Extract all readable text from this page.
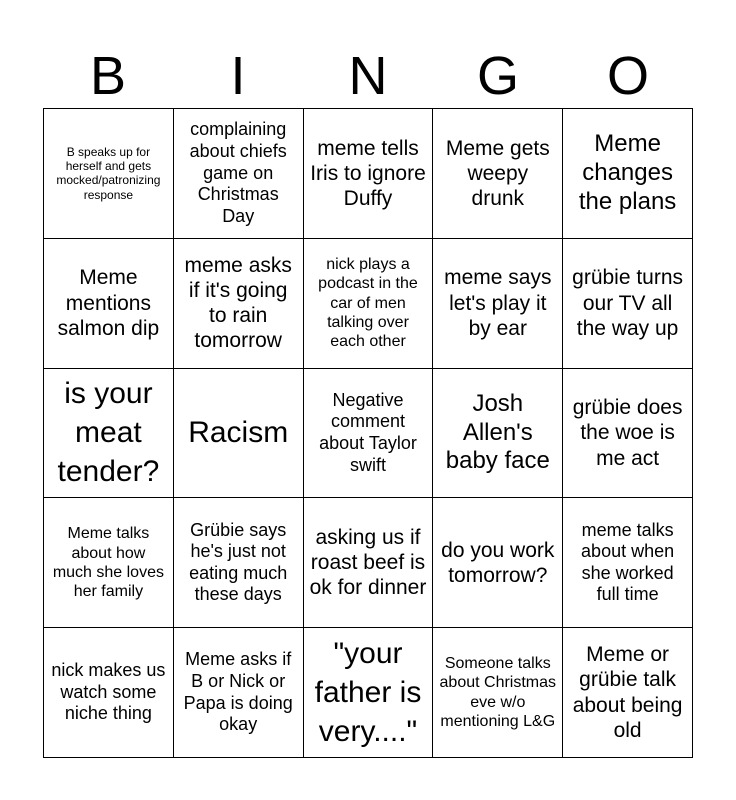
B	I	N	G	O
B speaks up for herself and gets mocked/patronizing response
complaining about chiefs game on Christmas Day
meme tells Iris to ignore Duffy
Meme gets weepy drunk
Meme changes the plans
Meme mentions salmon dip
meme asks if it's going to rain tomorrow
nick plays a podcast in the car of men talking over each other
meme says let's play it by ear
grübie turns our TV all the way up
is your meat tender?
Racism
Negative comment about Taylor swift
Josh Allen's baby face
grübie does the woe is me act
Meme talks about how much she loves her family
Grübie says he's just not eating much these days
asking us if roast beef is ok for dinner
do you work tomorrow?
meme talks about when she worked full time
nick makes us watch some niche thing
Meme asks if B or Nick or Papa is doing okay
"your father is very...."
Someone talks about Christmas eve w/o mentioning L&G
Meme or grübie talk about being old
